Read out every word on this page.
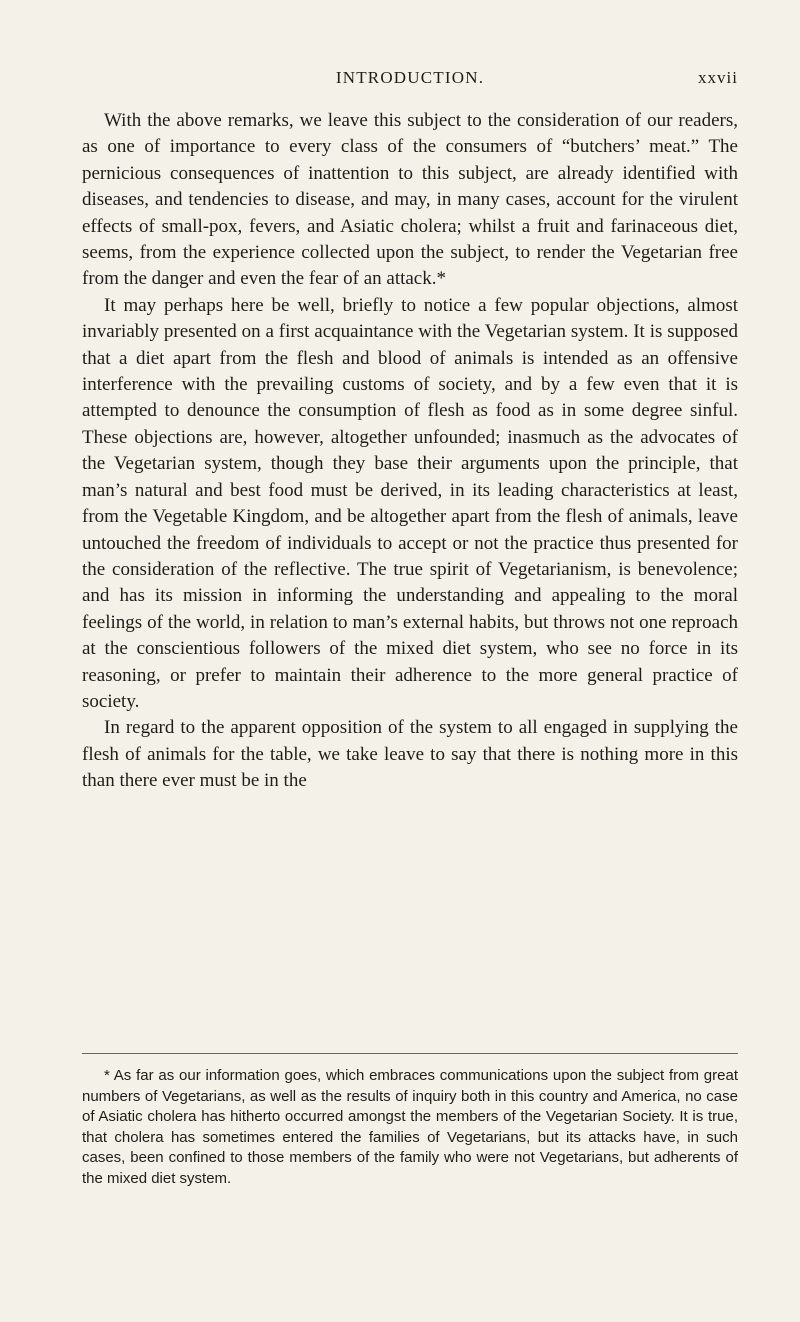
INTRODUCTION.	xxvii

With the above remarks, we leave this subject to the consideration of our readers, as one of importance to every class of the consumers of “butchers’ meat.” The pernicious consequences of inattention to this subject, are already identified with diseases, and tendencies to disease, and may, in many cases, account for the virulent effects of small-pox, fevers, and Asiatic cholera; whilst a fruit and farinaceous diet, seems, from the experience collected upon the subject, to render the Vegetarian free from the danger and even the fear of an attack.*

It may perhaps here be well, briefly to notice a few popular objections, almost invariably presented on a first acquaintance with the Vegetarian system. It is supposed that a diet apart from the flesh and blood of animals is intended as an offensive interference with the prevailing customs of society, and by a few even that it is attempted to denounce the consumption of flesh as food as in some degree sinful. These objections are, however, altogether unfounded; inasmuch as the advocates of the Vegetarian system, though they base their arguments upon the principle, that man’s natural and best food must be derived, in its leading characteristics at least, from the Vegetable Kingdom, and be altogether apart from the flesh of animals, leave untouched the freedom of individuals to accept or not the practice thus presented for the consideration of the reflective. The true spirit of Vegetarianism, is benevolence; and has its mission in informing the understanding and appealing to the moral feelings of the world, in relation to man’s external habits, but throws not one reproach at the conscientious followers of the mixed diet system, who see no force in its reasoning, or prefer to maintain their adherence to the more general practice of society.

In regard to the apparent opposition of the system to all engaged in supplying the flesh of animals for the table, we take leave to say that there is nothing more in this than there ever must be in the

* As far as our information goes, which embraces communications upon the subject from great numbers of Vegetarians, as well as the results of inquiry both in this country and America, no case of Asiatic cholera has hitherto occurred amongst the members of the Vegetarian Society. It is true, that cholera has sometimes entered the families of Vegetarians, but its attacks have, in such cases, been confined to those members of the family who were not Vegetarians, but adherents of the mixed diet system.
